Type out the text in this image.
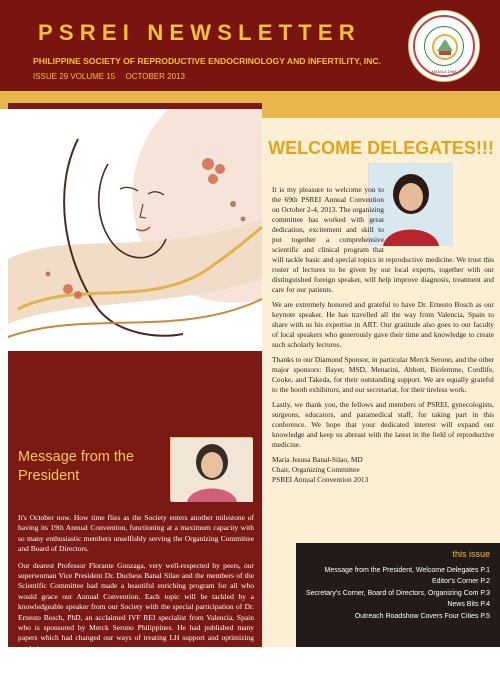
PSREI NEWSLETTER
PHILIPPINE SOCIETY OF REPRODUCTIVE ENDOCRINOLOGY AND INFERTILITY, INC.
ISSUE 29 VOLUME 15 OCTOBER 2013
MANILA 1988
Message from the
President

It's October now. How time flies as the Society enters another milestone of having its 19th Annual Convention, functioning at a maximum capacity with so many enthusiastic members unselfishly serving the Organizing Committee and Board of Directors.

Our dearest Professor Florante Gonzaga, very well-respected by peers, our superwoman Vice President Dr. Duchess Banal Silao and the members of the Scientific Committee had made a beautiful enriching program for all who would grace our Annual Convention. Each topic will be tackled by a knowledgeable speaker from our Society with the special participation of Dr. Ernesto Bosch, PhD, an acclaimed IVF REI specialist from Valencia, Spain who is sponsored by Merck Serono Philippines. He had published many papers which had changed our ways of treating LH support and optimizing ovulation.

As the thrust of the Society is education and service to our members, the Board had accomplished three CME outreach symposia in Cebu City, General Santos and Naga City. In all

WELCOME DELEGATES!!!

It is my pleasure to welcome you to the 69th PSREI Annual Convention on October 2-4, 2013. The organizing committee has worked with great dedication, excitement and skill to put together a comprehensive scientific and clinical program that will tackle basic and special topics in reproductive medicine. We trust this roster of lectures to be given by our local experts, together with our distinguished foreign speaker, will help improve diagnosis, treatment and care for our patients.

We are extremely honored and grateful to have Dr. Ernesto Bosch as our keynote speaker. He has travelled all the way from Valencia, Spain to share with us his expertise in ART. Our gratitude also goes to our faculty of local speakers who generously gave their time and knowledge to create such scholarly lectures.

Thanks to our Diamond Sponsor, in particular Merck Serono, and the other major sponsors: Bayer, MSD, Menarini, Abbott, Biofemme, Cordlife, Cooke, and Takeda, for their outstanding support. We are equally grateful to the booth exhibitors, and our secretariat, for their tireless work.

Lastly, we thank you, the fellows and members of PSREI, gynecologists, surgeons, educators, and paramedical staff, for taking part in this conference. We hope that your dedicated interest will expand our knowledge and keep us abreast with the latest in the field of reproductive medicine.

Maria Jesusa Banal-Silao, MD
Chair, Organizing Committee
PSREI Annual Convention 2013
this issue
Message from the President, Welcome Delegates P.1
Editor's Corner P.2
Secretary's Corner, Board of Directors, Organizing Com P.3
News Bits P.4
Outreach Roadshow Covers Four Cities P.5
